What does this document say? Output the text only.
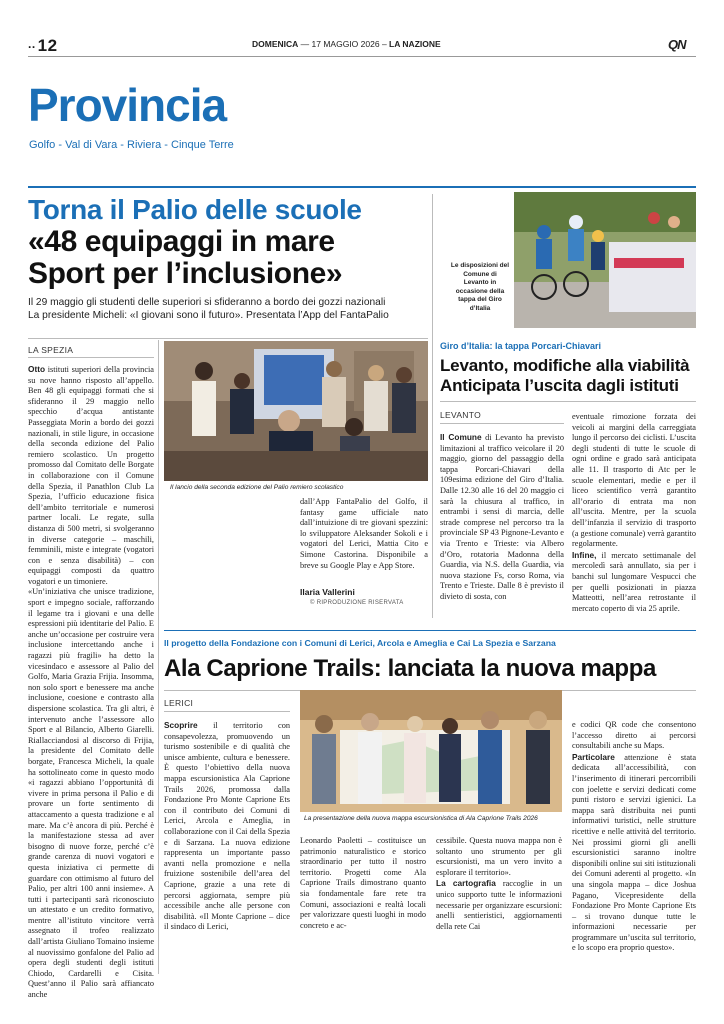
.. 12	DOMENICA — 17 MAGGIO 2026 – LA NAZIONE	QN
Provincia
Golfo - Val di Vara - Riviera - Cinque Terre
Torna il Palio delle scuole
«48 equipaggi in mare
Sport per l’inclusione»
Il 29 maggio gli studenti delle superiori si sfideranno a bordo dei gozzi nazionali
La presidente Micheli: «I giovani sono il futuro». Presentata l’App del FantaPalio
LA SPEZIA

Otto istituti superiori della provincia su nove hanno risposto all’appello. Ben 48 gli equipaggi formati che si sfideranno il 29 maggio nello specchio d’acqua antistante Passeggiata Morin a bordo dei gozzi nazionali, in stile ligure, in occasione della seconda edizione del Palio remiero scolastico. Un progetto promosso dal Comitato delle Borgate in collaborazione con il Comune della Spezia, il Panathlon Club La Spezia, l’ufficio educazione fisica dell’ambito territoriale e numerosi partner locali. Le regate, sulla distanza di 500 metri, si svolgeranno in diverse categorie – maschili, femminili, miste e integrate (vogatori con e senza disabilità) – con equipaggi composti da quattro vogatori e un timoniere.

«Un’iniziativa che unisce tradizione, sport e impegno sociale, rafforzando il legame tra i giovani e una delle espressioni più identitarie del Palio. E anche un’occasione per costruire vera inclusione intercettando anche i ragazzi più fragili» ha detto la vicesindaco e assessore al Palio del Golfo, Maria Grazia Frijia. Insomma, non solo sport e benessere ma anche inclusione, coesione e contrasto alla dispersione scolastica. Tra gli altri, è intervenuto anche l’assessore allo Sport e al Bilancio, Alberto Giarelli. Riallacciandosi al discorso di Frijia, la presidente del Comitato delle borgate, Francesca Micheli, la quale ha sottolineato come in questo modo «i ragazzi abbiano l’opportunità di vivere in prima persona il Palio e di provare un forte sentimento di attaccamento a questa tradizione e al mare. Ma c’è ancora di più. Perché è la manifestazione stessa ad aver bisogno di nuove forze, perché c’è grande carenza di nuovi vogatori e questa iniziativa ci permette di guardare con ottimismo al futuro del Palio, per altri 100 anni insieme». A tutti i partecipanti sarà riconosciuto un attestato e un credito formativo, mentre all’istituto vincitore verrà assegnato il trofeo realizzato dall’artista Giuliano Tomaino insieme al nuovissimo gonfalone del Palio ad opera degli studenti degli istituti Chiodo, Cardarelli e Cisita. Quest’anno il Palio sarà affiancato anche

Il lancio della seconda edizione del Palio remiero scolastico

dall’App FantaPalio del Golfo, il fantasy game ufficiale nato dall’intuizione di tre giovani spezzini: lo sviluppatore Aleksander Sokoli e i vogatori del Lerici, Mattia Cito e Simone Castorina. Disponibile a breve su Google Play e App Store.

Ilaria Vallerini
© RIPRODUZIONE RISERVATA
Le disposizioni del Comune di Levanto in occasione della tappa del Giro d’Italia
Giro d’Italia: la tappa Porcari-Chiavari
Levanto, modifiche alla viabilità
Anticipata l’uscita dagli istituti
LEVANTO

Il Comune di Levanto ha previsto limitazioni al traffico veicolare il 20 maggio, giorno del passaggio della tappa Porcari-Chiavari della 109esima edizione del Giro d’Italia. Dalle 12.30 alle 16 del 20 maggio ci sarà la chiusura al traffico, in entrambi i sensi di marcia, delle strade comprese nel percorso tra la provinciale SP 43 Pignone-Levanto e via Trento e Trieste: via Albero d’Oro, rotatoria Madonna della Guardia, via N.S. della Guardia, via nuova stazione Fs, corso Roma, via Trento e Trieste. Dalle 8 è previsto il divieto di sosta, con

eventuale rimozione forzata dei veicoli ai margini della carreggiata lungo il percorso dei ciclisti. L’uscita degli studenti di tutte le scuole di ogni ordine e grado sarà anticipata alle 11. Il trasporto di Atc per le scuole elementari, medie e per il liceo scientifico verrà garantito all’orario di entrata ma non all’uscita. Mentre, per la scuola dell’infanzia il servizio di trasporto (a gestione comunale) verrà garantito regolarmente.

Infine, il mercato settimanale del mercoledì sarà annullato, sia per i banchi sul lungomare Vespucci che per quelli posizionati in piazza Matteotti, nell’area retrostante il mercato coperto di via 25 aprile.

Il progetto della Fondazione con i Comuni di Lerici, Arcola e Ameglia e Cai La Spezia e Sarzana
Ala Caprione Trails: lanciata la nuova mappa
LERICI

Scoprire il territorio con consapevolezza, promuovendo un turismo sostenibile e di qualità che unisce ambiente, cultura e benessere. È questo l’obiettivo della nuova mappa escursionistica Ala Caprione Trails 2026, promossa dalla Fondazione Pro Monte Caprione Ets con il contributo dei Comuni di Lerici, Arcola e Ameglia, in collaborazione con il Cai della Spezia e di Sarzana. La nuova edizione rappresenta un importante passo avanti nella promozione e nella fruizione sostenibile dell’area del Caprione, grazie a una rete di percorsi aggiornata, sempre più accessibile anche alle persone con disabilità. «Il Monte Caprione – dice il sindaco di Lerici,

La presentazione della nuova mappa escursionistica di Ala Caprione Trails 2026

Leonardo Paoletti – costituisce un patrimonio naturalistico e storico straordinario per tutto il nostro territorio. Progetti come Ala Caprione Trails dimostrano quanto sia fondamentale fare rete tra Comuni, associazioni e realtà locali per valorizzare questi luoghi in modo concreto e ac-

cessibile. Questa nuova mappa non è soltanto uno strumento per gli escursionisti, ma un vero invito a esplorare il territorio».

La cartografia raccoglie in un unico supporto tutte le informazioni necessarie per organizzare escursioni: anelli sentieristici, aggiornamenti della rete Cai

e codici QR code che consentono l’accesso diretto ai percorsi consultabili anche su Maps.

Particolare attenzione è stata dedicata all’accessibilità, con l’inserimento di itinerari percorribili con joelette e servizi dedicati come punti ristoro e servizi igienici. La mappa sarà distribuita nei punti informativi turistici, nelle strutture ricettive e nelle attività del territorio. Nei prossimi giorni gli anelli escursionistici saranno inoltre disponibili online sui siti istituzionali dei Comuni aderenti al progetto. «In una singola mappa – dice Joshua Pagano, Vicepresidente della Fondazione Pro Monte Caprione Ets – si trovano dunque tutte le informazioni necessarie per programmare un’uscita sul territorio, e lo scopo era proprio questo».
